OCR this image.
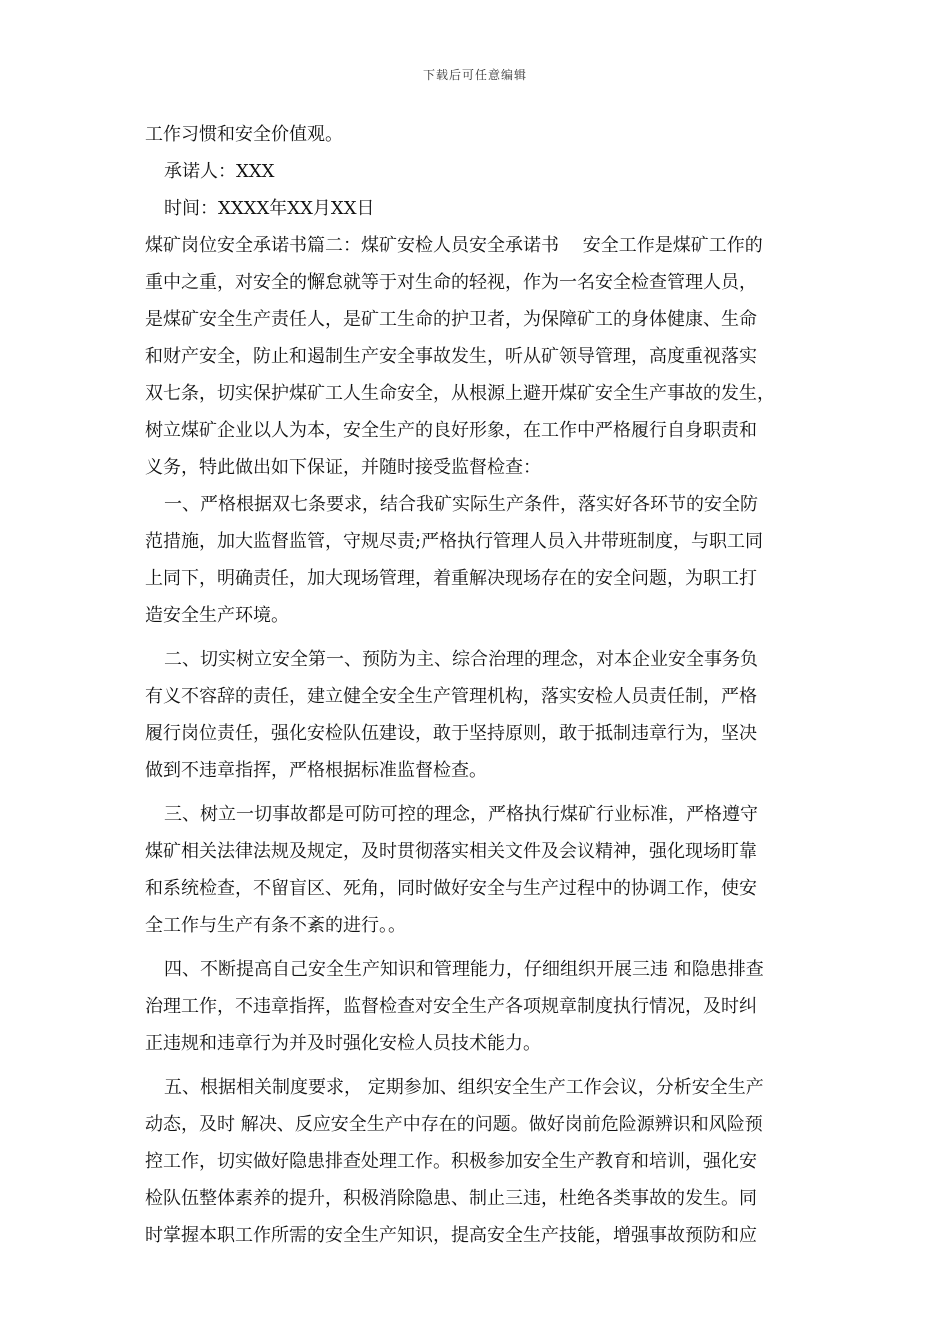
下载后可任意编辑
工作习惯和安全价值观。
承诺人：XXX
时间：XXXX年XX月XX日
煤矿岗位安全承诺书篇二：煤矿安检人员安全承诺书　 安全工作是煤矿工作的
重中之重，对安全的懈怠就等于对生命的轻视，作为一名安全检查管理人员，
是煤矿安全生产责任人，是矿工生命的护卫者，为保障矿工的身体健康、生命
和财产安全，防止和遏制生产安全事故发生，听从矿领导管理，高度重视落实
双七条，切实保护煤矿工人生命安全，从根源上避开煤矿安全生产事故的发生，
树立煤矿企业以人为本，安全生产的良好形象，在工作中严格履行自身职责和
义务，特此做出如下保证，并随时接受监督检查：
一、严格根据双七条要求，结合我矿实际生产条件，落实好各环节的安全防
范措施，加大监督监管，守规尽责;严格执行管理人员入井带班制度，与职工同
上同下，明确责任，加大现场管理，着重解决现场存在的安全问题，为职工打
造安全生产环境。
二、切实树立安全第一、预防为主、综合治理的理念，对本企业安全事务负
有义不容辞的责任，建立健全安全生产管理机构，落实安检人员责任制，严格
履行岗位责任，强化安检队伍建设，敢于坚持原则，敢于抵制违章行为，坚决
做到不违章指挥，严格根据标准监督检查。
三、树立一切事故都是可防可控的理念，严格执行煤矿行业标准，严格遵守
煤矿相关法律法规及规定，及时贯彻落实相关文件及会议精神，强化现场盯靠
和系统检查，不留盲区、死角，同时做好安全与生产过程中的协调工作，使安
全工作与生产有条不紊的进行。。
四、不断提高自己安全生产知识和管理能力，仔细组织开展三违 和隐患排查
治理工作，不违章指挥，监督检查对安全生产各项规章制度执行情况，及时纠
正违规和违章行为并及时强化安检人员技术能力。
五、根据相关制度要求， 定期参加、组织安全生产工作会议，分析安全生产
动态，及时 解决、反应安全生产中存在的问题。做好岗前危险源辨识和风险预
控工作，切实做好隐患排查处理工作。积极参加安全生产教育和培训，强化安
检队伍整体素养的提升，积极消除隐患、制止三违，杜绝各类事故的发生。同
时掌握本职工作所需的安全生产知识，提高安全生产技能，增强事故预防和应
